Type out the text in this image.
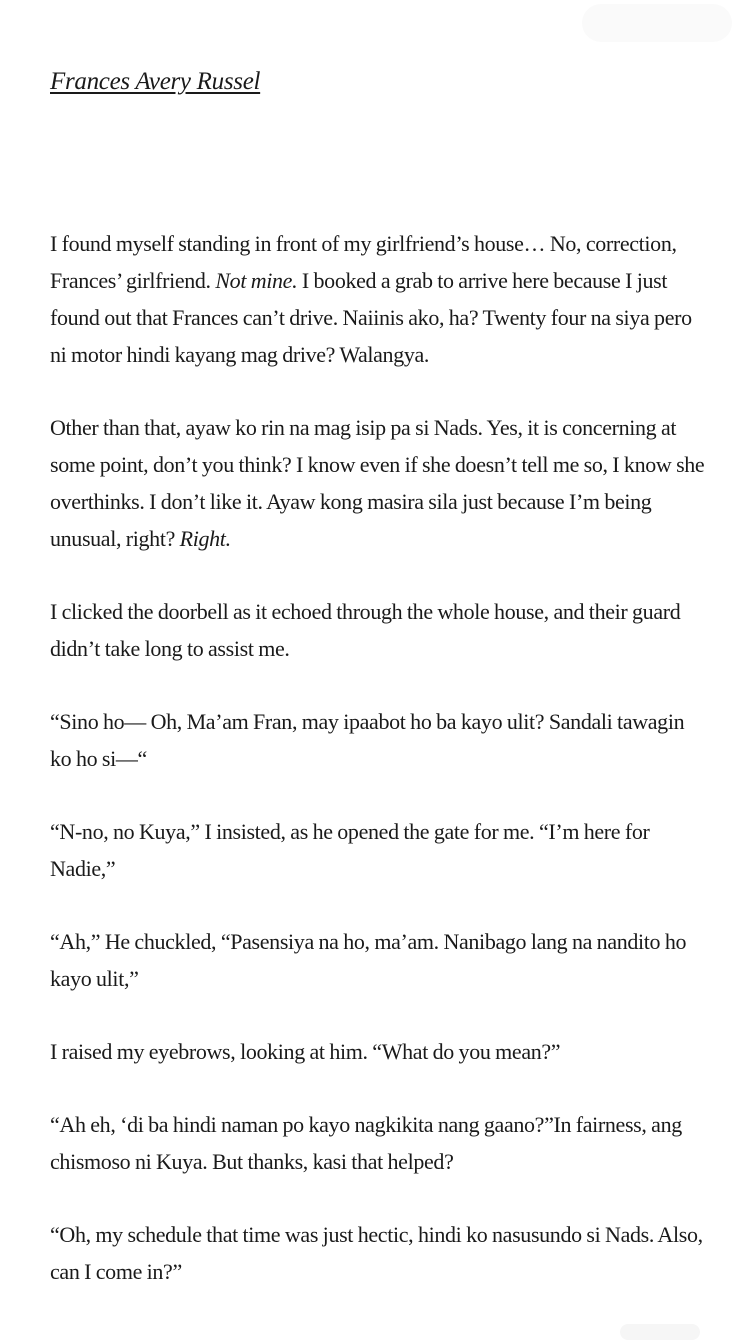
Frances Avery Russel

I found myself standing in front of my girlfriend’s house… No, correction, Frances’ girlfriend. Not mine. I booked a grab to arrive here because I just found out that Frances can’t drive. Naiinis ako, ha? Twenty four na siya pero ni motor hindi kayang mag drive? Walangya.

Other than that, ayaw ko rin na mag isip pa si Nads. Yes, it is concerning at some point, don’t you think? I know even if she doesn’t tell me so, I know she overthinks. I don’t like it. Ayaw kong masira sila just because I’m being unusual, right? Right.

I clicked the doorbell as it echoed through the whole house, and their guard didn’t take long to assist me.

“Sino ho— Oh, Ma’am Fran, may ipaabot ho ba kayo ulit? Sandali tawagin ko ho si—“

“N-no, no Kuya,” I insisted, as he opened the gate for me. “I’m here for Nadie,”

“Ah,” He chuckled, “Pasensiya na ho, ma’am. Nanibago lang na nandito ho kayo ulit,”

I raised my eyebrows, looking at him. “What do you mean?”

“Ah eh, ‘di ba hindi naman po kayo nagkikita nang gaano?”In fairness, ang chismoso ni Kuya. But thanks, kasi that helped?

“Oh, my schedule that time was just hectic, hindi ko nasusundo si Nads. Also, can I come in?”
